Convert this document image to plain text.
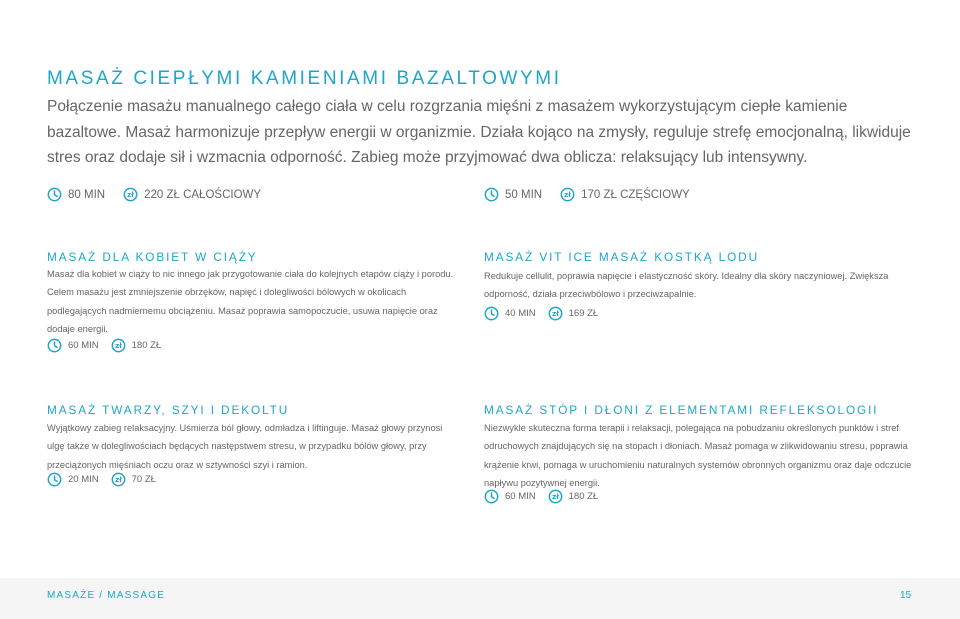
MASAŻ CIEPŁYMI KAMIENIAMI BAZALTOWYMI
Połączenie masażu manualnego całego ciała w celu rozgrzania mięśni z masażem wykorzystującym ciepłe kamienie bazaltowe. Masaż harmonizuje przepływ energii w organizmie. Działa kojąco na zmysły, reguluje strefę emocjonalną, likwiduje stres oraz dodaje sił i wzmacnia odporność. Zabieg może przyjmować dwa oblicza: relaksujący lub intensywny.
80 MIN	zł 220 ZŁ CAŁOŚCIOWY	50 MIN	zł 170 ZŁ CZĘŚCIOWY
MASAŻ DLA KOBIET W CIĄŻY
Masaż dla kobiet w ciąży to nic innego jak przygotowanie ciała do kolejnych etapów ciąży i porodu. Celem masażu jest zmniejszenie obrzęków, napięć i dolegliwości bólowych w okolicach podlegających nadmiernemu obciążeniu. Masaż poprawia samopoczucie, usuwa napięcie oraz dodaje energii.
60 MIN zł 180 ZŁ
MASAŻ VIT ICE MASAŻ KOSTKĄ LODU
Redukuje cellulit, poprawia napięcie i elastyczność skóry. Idealny dla skóry naczyniowej. Zwiększa odporność, działa przeciwbólowo i przeciwzapalnie.
40 MIN zł 169 ZŁ
MASAŻ TWARZY, SZYI I DEKOLTU
Wyjątkowy zabieg relaksacyjny. Uśmierza ból głowy, odmładza i liftinguje. Masaż głowy przynosi ulgę także w dolegliwościach będących następstwem stresu, w przypadku bólów głowy, przy przeciążonych mięśniach oczu oraz w sztywności szyi i ramion.
20 MIN zł 70 ZŁ
MASAŻ STÓP I DŁONI Z ELEMENTAMI REFLEKSOLOGII
Niezwykle skuteczna forma terapii i relaksacji, polegająca na pobudzaniu określonych punktów i stref odruchowych znajdujących się na stopach i dłoniach. Masaż pomaga w zlikwidowaniu stresu, poprawia krążenie krwi, pomaga w uruchomieniu naturalnych systemów obronnych organizmu oraz daje odczucie napływu pozytywnej energii.
60 MIN zł 180 ZŁ
MASAŻE / MASSAGE	15
